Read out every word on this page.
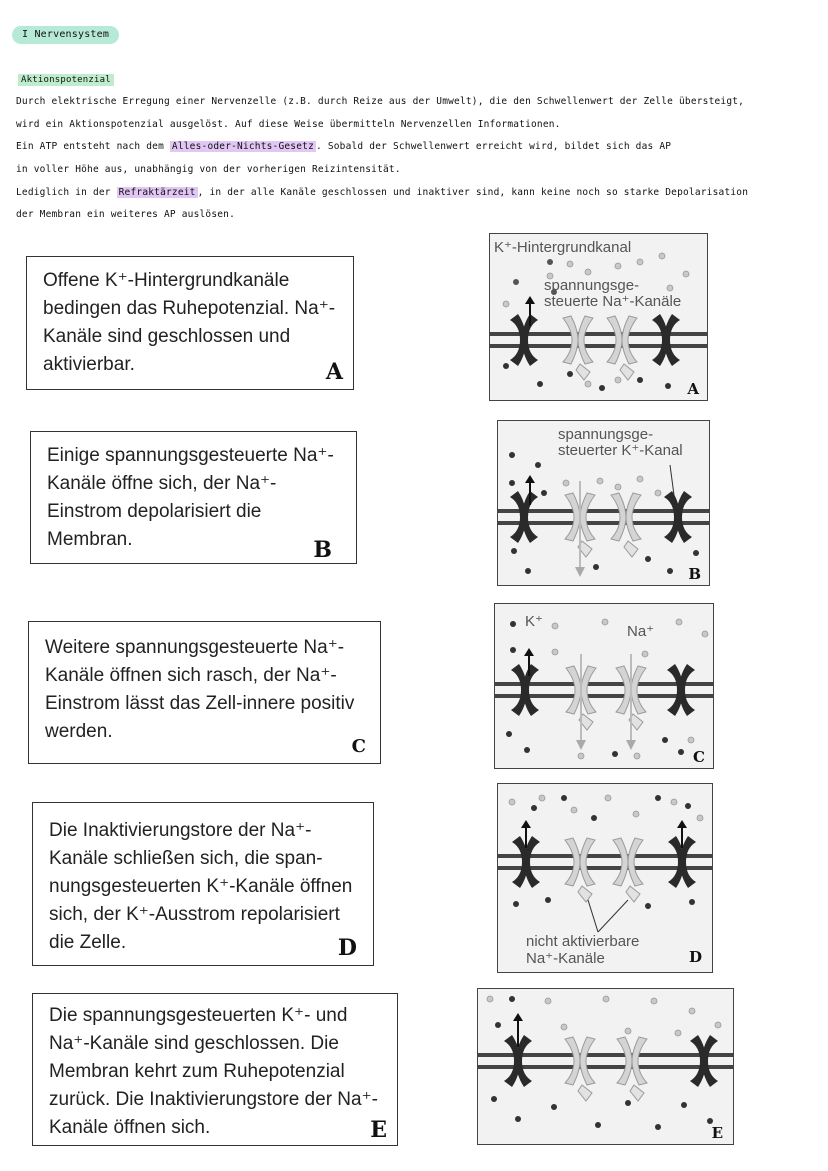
I Nervensystem
Aktionspotenzial
Durch elektrische Erregung einer Nervenzelle (z.B. durch Reize aus der Umwelt), die den Schwellenwert der Zelle übersteigt,
wird ein Aktionspotenzial ausgelöst. Auf diese Weise übermitteln Nervenzellen Informationen.
Ein ATP entsteht nach dem Alles-oder-Nichts-Gesetz . Sobald der Schwellenwert erreicht wird, bildet sich das AP
in voller Höhe aus, unabhängig von der vorherigen Reizintensität.
Lediglich in der Refraktärzeit , in der alle Kanäle geschlossen und inaktiver sind, kann keine noch so starke Depolarisation
der Membran ein weiteres AP auslösen.
Offene K⁺-Hintergrundkanäle bedingen das Ruhepotenzial. Na⁺-Kanäle sind geschlossen und aktivierbar.	A
Einige spannungsgesteuerte Na⁺-Kanäle öffne sich, der Na⁺-Einstrom depolarisiert die Membran.	B
Weitere spannungsgesteuerte Na⁺-Kanäle öffnen sich rasch, der Na⁺-Einstrom lässt das Zell-innere positiv werden.
C
Die Inaktivierungstore der Na⁺-Kanäle schließen sich, die span-nungsgesteuerten K⁺-Kanäle öffnen sich, der K⁺-Ausstrom repolarisiert die Zelle.	D
Die spannungsgesteuerten K⁺- und Na⁺-Kanäle sind geschlossen. Die Membran kehrt zum Ruhepotenzial zurück. Die Inaktivierungstore der Na⁺-Kanäle öffnen sich.	E
K⁺-Hintergrundkanal
spannungsge-
steuerte Na⁺-Kanäle
A
spannungsge-
steuerter K⁺-Kanal
B
K⁺
Na⁺
C
nicht aktivierbare
Na⁺-Kanäle	D
E
